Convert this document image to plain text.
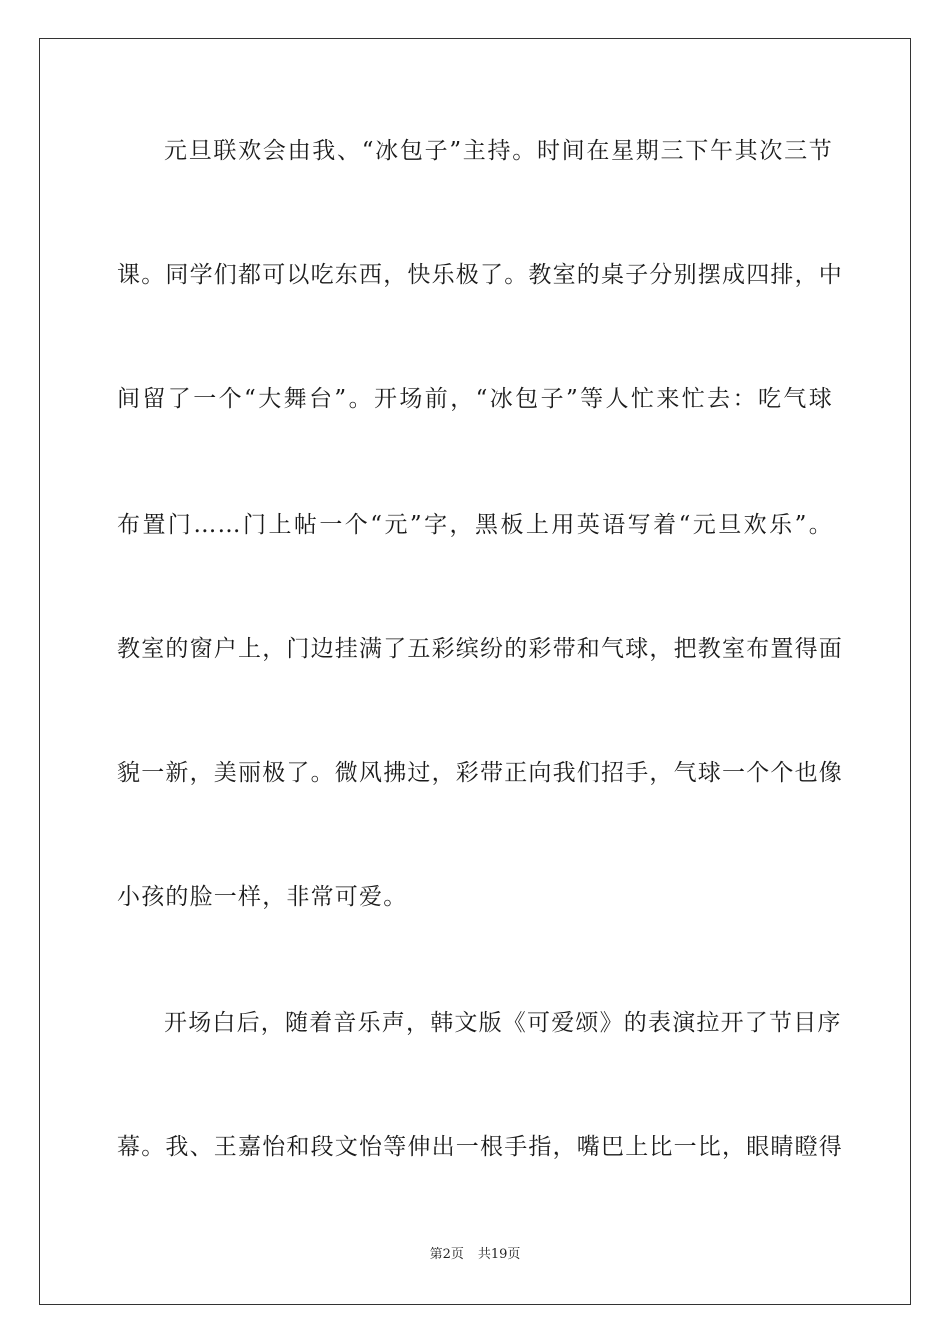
元旦联欢会由我、“冰包子”主持。时间在星期三下午其次三节
课。同学们都可以吃东西，快乐极了。教室的桌子分别摆成四排，中
间留了一个“大舞台”。开场前，“冰包子”等人忙来忙去：吃气球
布置门……门上帖一个“元”字，黑板上用英语写着“元旦欢乐”。
教室的窗户上，门边挂满了五彩缤纷的彩带和气球，把教室布置得面
貌一新，美丽极了。微风拂过，彩带正向我们招手，气球一个个也像
小孩的脸一样，非常可爱。
开场白后，随着音乐声，韩文版《可爱颂》的表演拉开了节目序
幕。我、王嘉怡和段文怡等伸出一根手指，嘴巴上比一比，眼睛瞪得
第2页 共19页
